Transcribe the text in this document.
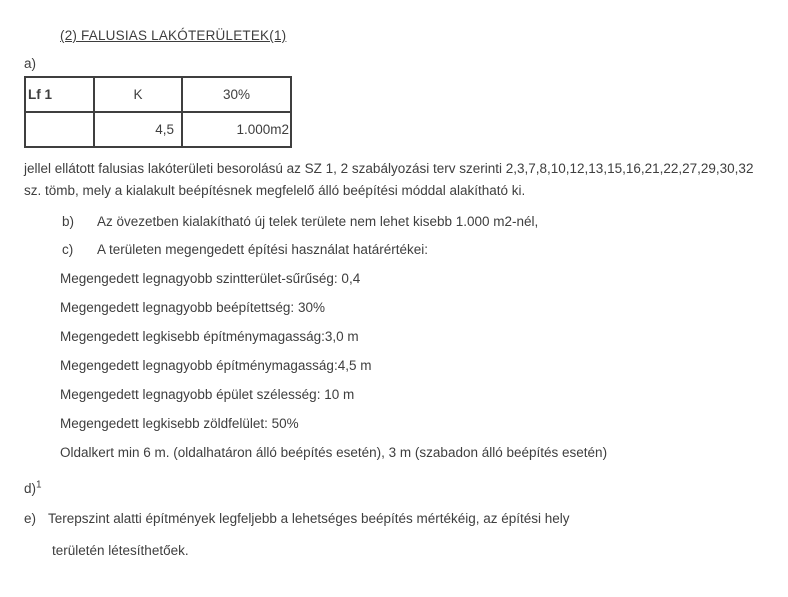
(2) FALUSIAS LAKÓTERÜLETEK(1)
a)
Lf 1	K	30%
	4,5	1.000m2

jellel ellátott falusias lakóterületi besorolású az SZ 1, 2 szabályozási terv szerinti 2,3,7,8,10,12,13,15,16,21,22,27,29,30,32 sz. tömb, mely a kialakult beépítésnek megfelelő álló beépítési móddal alakítható ki.

b)	Az övezetben kialakítható új telek területe nem lehet kisebb 1.000 m2-nél,
c)	A területen megengedett építési használat határértékei:
Megengedett legnagyobb szintterület-sűrűség: 0,4
Megengedett legnagyobb beépítettség: 30%
Megengedett legkisebb építménymagasság:3,0 m
Megengedett legnagyobb építménymagasság:4,5 m
Megengedett legnagyobb épület szélesség: 10 m
Megengedett legkisebb zöldfelület: 50%
Oldalkert min 6 m. (oldalhatáron álló beépítés esetén), 3 m (szabadon álló beépítés esetén)
d)$^1$
e) Terepszint alatti építmények legfeljebb a lehetséges beépítés mértékéig, az építési hely
területén létesíthetőek.
